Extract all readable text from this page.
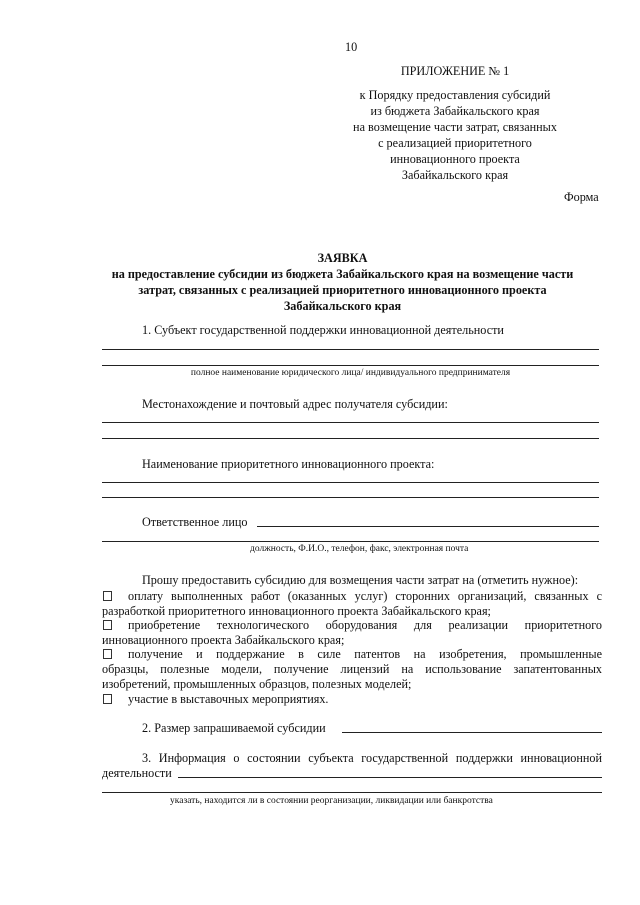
10
ПРИЛОЖЕНИЕ № 1
к Порядку предоставления субсидий
из бюджета Забайкальского края
на возмещение части затрат, связанных
с реализацией приоритетного
инновационного проекта
Забайкальского края
Форма
ЗАЯВКА
на предоставление субсидии из бюджета Забайкальского края на возмещение части
затрат, связанных с реализацией приоритетного инновационного проекта
Забайкальского края
1. Субъект государственной поддержки инновационной деятельности
полное наименование юридического лица/ индивидуального предпринимателя
Местонахождение и почтовый адрес получателя субсидии:
Наименование приоритетного инновационного проекта:
Ответственное лицо
должность, Ф.И.О., телефон, факс, электронная почта
Прошу предоставить субсидию для возмещения части затрат на (отметить нужное):
оплату выполненных работ (оказанных услуг) сторонних организаций, связанных с
разработкой приоритетного инновационного проекта Забайкальского края;
приобретение технологического оборудования для реализации приоритетного
инновационного проекта Забайкальского края;
получение и поддержание в силе патентов на изобретения, промышленные
образцы, полезные модели, получение лицензий на использование запатентованных
изобретений, промышленных образцов, полезных моделей;
участие в выставочных мероприятиях.
2. Размер запрашиваемой субсидии
3. Информация о состоянии субъекта государственной поддержки инновационной
деятельности
указать, находится ли в состоянии реорганизации, ликвидации или банкротства
